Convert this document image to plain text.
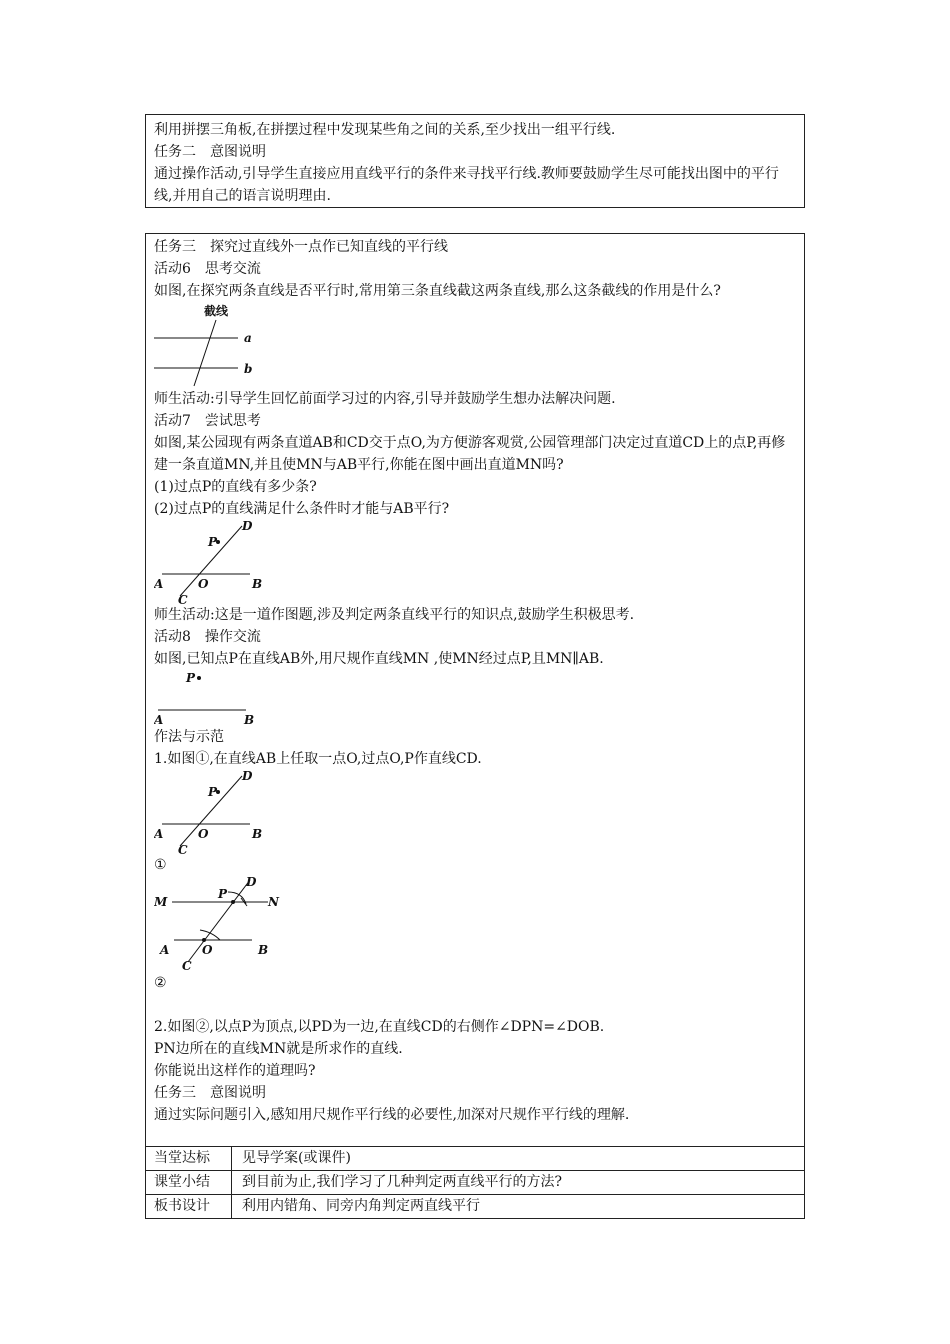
利用拼摆三角板,在拼摆过程中发现某些角之间的关系,至少找出一组平行线.
任务二　意图说明
通过操作活动,引导学生直接应用直线平行的条件来寻找平行线.教师要鼓励学生尽可能找出图中的平行线,并用自己的语言说明理由.
任务三　探究过直线外一点作已知直线的平行线
活动6　思考交流
如图,在探究两条直线是否平行时,常用第三条直线截这两条直线,那么这条截线的作用是什么?
截线
a
b
师生活动:引导学生回忆前面学习过的内容,引导并鼓励学生想办法解决问题.
活动7　尝试思考
如图,某公园现有两条直道AB和CD交于点O,为方便游客观赏,公园管理部门决定过直道CD上的点P,再修建一条直道MN,并且使MN与AB平行,你能在图中画出直道MN吗?
(1)过点P的直线有多少条?
(2)过点P的直线满足什么条件时才能与AB平行?
A	B
C
D
O
P
师生活动:这是一道作图题,涉及判定两条直线平行的知识点,鼓励学生积极思考.
活动8　操作交流
如图,已知点P在直线AB外,用尺规作直线MN ,使MN经过点P,且MN∥AB.
P
A	B
作法与示范
1.如图①,在直线AB上任取一点O,过点O,P作直线CD.
A	B
C
D
O
P
①
M	N
A	B
C
D
O
P
②
2.如图②,以点P为顶点,以PD为一边,在直线CD的右侧作∠DPN=∠DOB.
PN边所在的直线MN就是所求作的直线.
你能说出这样作的道理吗?
任务三　意图说明
通过实际问题引入,感知用尺规作平行线的必要性,加深对尺规作平行线的理解.
当堂达标	见导学案(或课件)
课堂小结	到目前为止,我们学习了几种判定两直线平行的方法?
板书设计	利用内错角、同旁内角判定两直线平行
